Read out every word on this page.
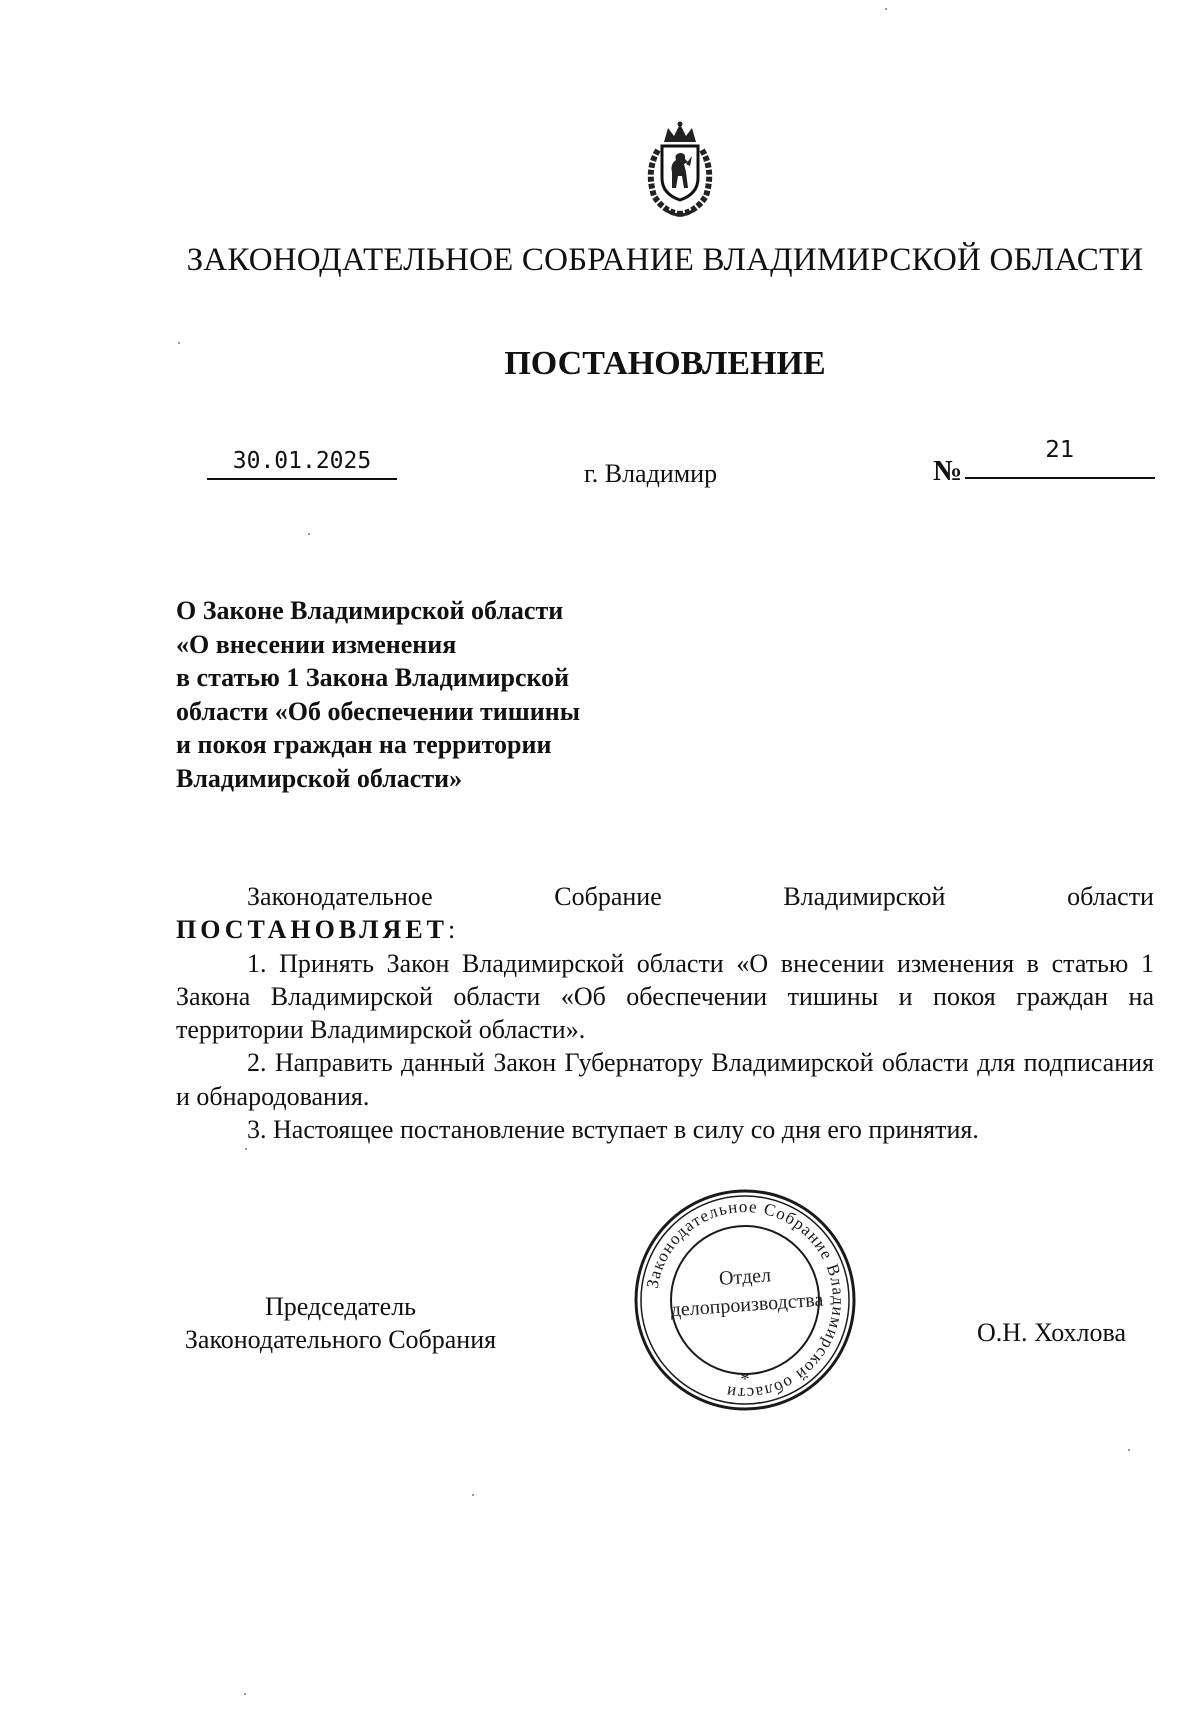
ЗАКОНОДАТЕЛЬНОЕ СОБРАНИЕ ВЛАДИМИРСКОЙ ОБЛАСТИ
ПОСТАНОВЛЕНИЕ
30.01.2025	г. Владимир	№
21
О Законе Владимирской области
«О внесении изменения
в статью 1 Закона Владимирской
области «Об обеспечении тишины
и покоя граждан на территории
Владимирской области»
Законодательное	Собрание	Владимирской	области
ПОСТАНОВЛЯЕТ:
1. Принять Закон Владимирской области «О внесении изменения в статью 1 Закона Владимирской области «Об обеспечении тишины и покоя граждан на территории Владимирской области».
2. Направить данный Закон Губернатору Владимирской области для подписания и обнародования.
3. Настоящее постановление вступает в силу со дня его принятия.
Председатель
Законодательного Собрания	О.Н. Хохлова
Законодательное Собрание Владимирской области
*
Отдел
делопроизводства
